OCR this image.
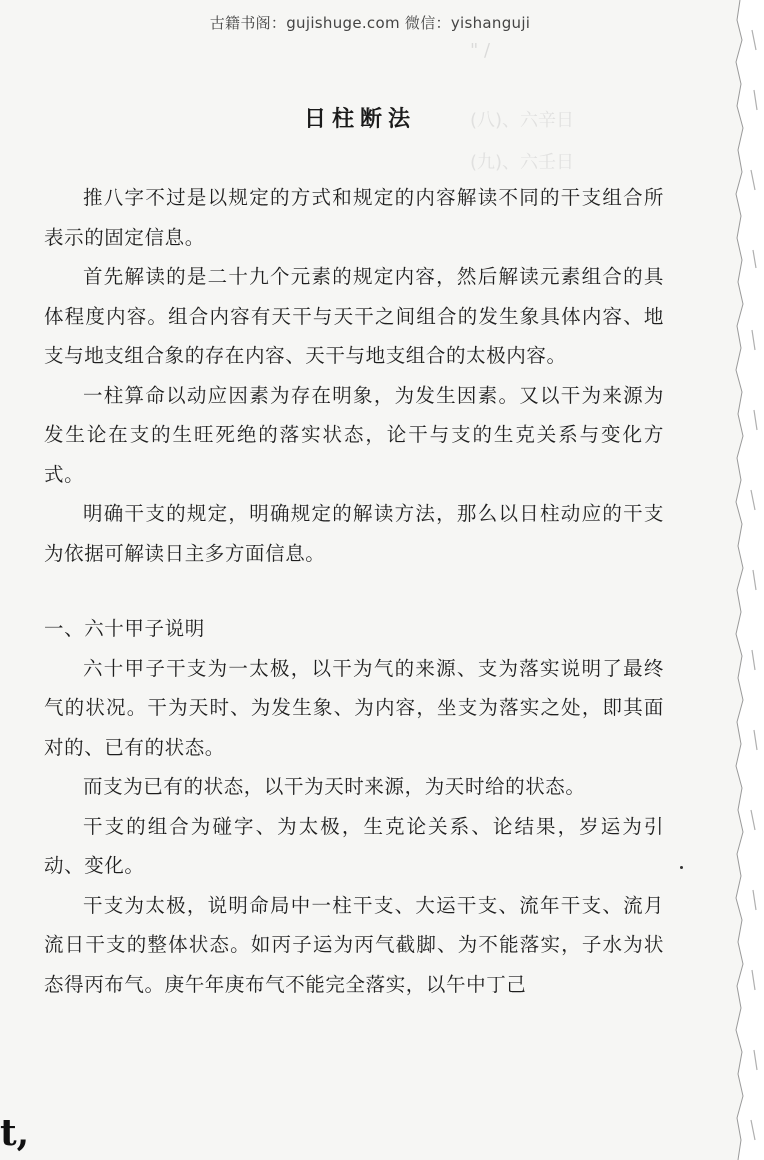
古籍书阁：gujishuge.com 微信：yishanguji
" /
(八)、六辛日
(九)、六壬日
日柱断法

推八字不过是以规定的方式和规定的内容解读不同的干支组合所表示的固定信息。

首先解读的是二十九个元素的规定内容，然后解读元素组合的具体程度内容。组合内容有天干与天干之间组合的发生象具体内容、地支与地支组合象的存在内容、天干与地支组合的太极内容。

一柱算命以动应因素为存在明象，为发生因素。又以干为来源为发生论在支的生旺死绝的落实状态，论干与支的生克关系与变化方式。

明确干支的规定，明确规定的解读方法，那么以日柱动应的干支为依据可解读日主多方面信息。

一、六十甲子说明

六十甲子干支为一太极，以干为气的来源、支为落实说明了最终气的状况。干为天时、为发生象、为内容，坐支为落实之处，即其面对的、已有的状态。

而支为已有的状态，以干为天时来源，为天时给的状态。

干支的组合为碰字、为太极，生克论关系、论结果，岁运为引动、变化。

干支为太极，说明命局中一柱干支、大运干支、流年干支、流月流日干支的整体状态。如丙子运为丙气截脚、为不能落实，子水为状态得丙布气。庚午年庚布气不能完全落实，以午中丁己

t,
